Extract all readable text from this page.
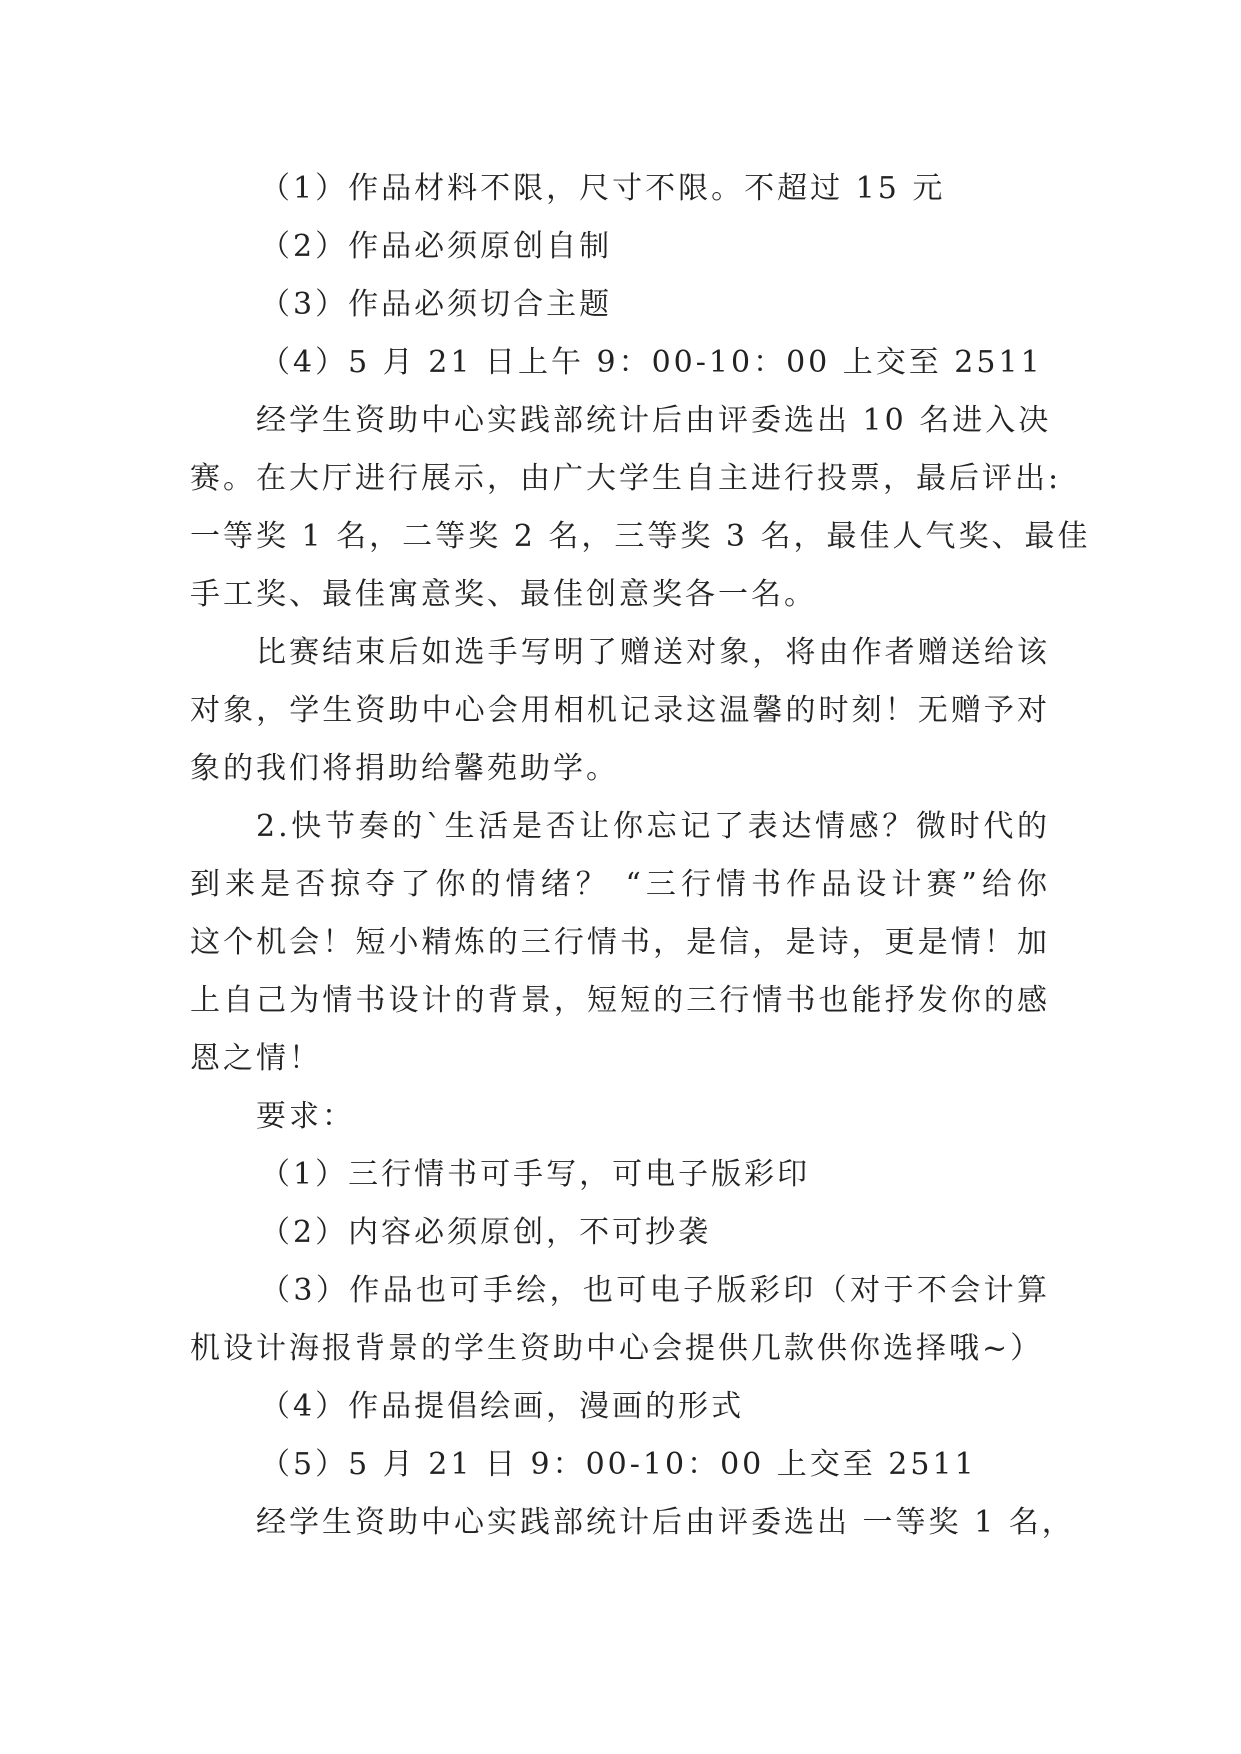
（1）作品材料不限，尺寸不限。不超过 15 元
（2）作品必须原创自制
（3）作品必须切合主题
（4）5 月 21 日上午 9：00-10：00 上交至 2511
经学生资助中心实践部统计后由评委选出 10 名进入决
赛。在大厅进行展示，由广大学生自主进行投票，最后评出:
一等奖 1 名，二等奖 2 名，三等奖 3 名，最佳人气奖、最佳
手工奖、最佳寓意奖、最佳创意奖各一名。
比赛结束后如选手写明了赠送对象，将由作者赠送给该
对象，学生资助中心会用相机记录这温馨的时刻！无赠予对
象的我们将捐助给馨苑助学。
2.快节奏的`生活是否让你忘记了表达情感？微时代的
到来是否掠夺了你的情绪？ “三行情书作品设计赛”给你
这个机会！短小精炼的三行情书，是信，是诗，更是情！加
上自己为情书设计的背景，短短的三行情书也能抒发你的感
恩之情！
要求：
（1）三行情书可手写，可电子版彩印
（2）内容必须原创，不可抄袭
（3）作品也可手绘，也可电子版彩印（对于不会计算
机设计海报背景的学生资助中心会提供几款供你选择哦~）
（4）作品提倡绘画，漫画的形式
（5）5 月 21 日 9：00-10：00 上交至 2511
经学生资助中心实践部统计后由评委选出 一等奖 1 名，
